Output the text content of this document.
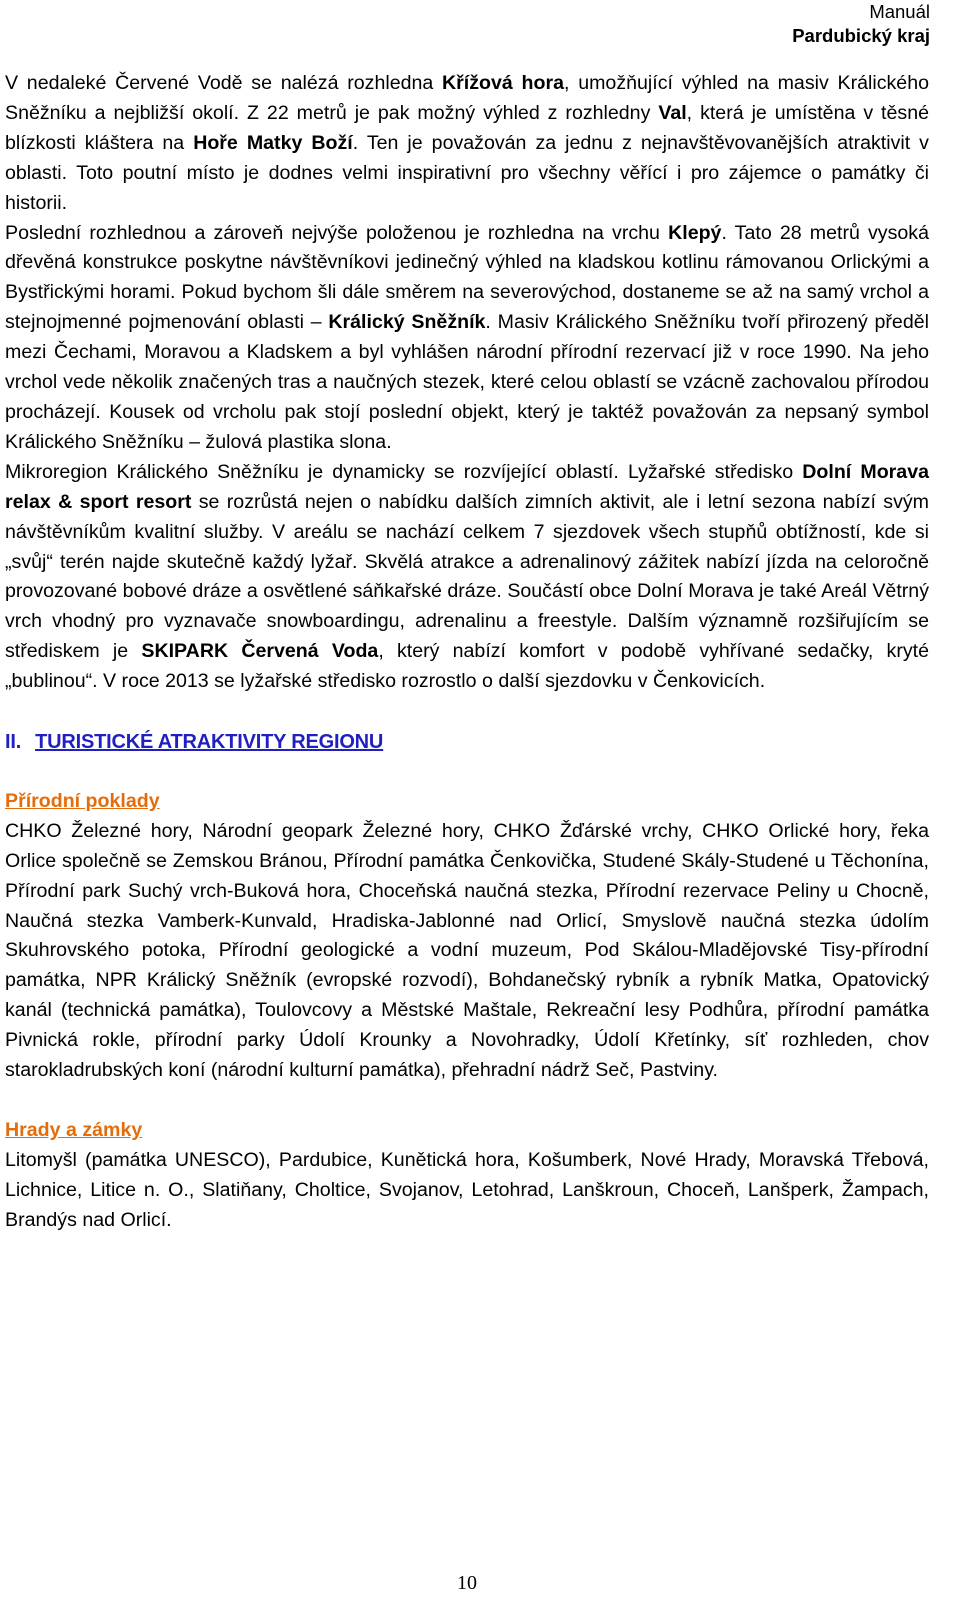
Manuál
Pardubický kraj

V nedaleké Červené Vodě se nalézá rozhledna Křížová hora, umožňující výhled na masiv Králického Sněžníku a nejbližší okolí. Z 22 metrů je pak možný výhled z rozhledny Val, která je umístěna v těsné blízkosti kláštera na Hoře Matky Boží. Ten je považován za jednu z nejnavštěvovanějších atraktivit v oblasti. Toto poutní místo je dodnes velmi inspirativní pro všechny věřící i pro zájemce o památky či historii.

Poslední rozhlednou a zároveň nejvýše položenou je rozhledna na vrchu Klepý. Tato 28 metrů vysoká dřevěná konstrukce poskytne návštěvníkovi jedinečný výhled na kladskou kotlinu rámovanou Orlickými a Bystřickými horami. Pokud bychom šli dále směrem na severovýchod, dostaneme se až na samý vrchol a stejnojmenné pojmenování oblasti – Králický Sněžník. Masiv Králického Sněžníku tvoří přirozený předěl mezi Čechami, Moravou a Kladskem a byl vyhlášen národní přírodní rezervací již v roce 1990. Na jeho vrchol vede několik značených tras a naučných stezek, které celou oblastí se vzácně zachovalou přírodou procházejí. Kousek od vrcholu pak stojí poslední objekt, který je taktéž považován za nepsaný symbol Králického Sněžníku – žulová plastika slona.

Mikroregion Králického Sněžníku je dynamicky se rozvíjející oblastí. Lyžařské středisko Dolní Morava relax & sport resort se rozrůstá nejen o nabídku dalších zimních aktivit, ale i letní sezona nabízí svým návštěvníkům kvalitní služby. V areálu se nachází celkem 7 sjezdovek všech stupňů obtížností, kde si „svůj“ terén najde skutečně každý lyžař. Skvělá atrakce a adrenalinový zážitek nabízí jízda na celoročně provozované bobové dráze a osvětlené sáňkařské dráze. Součástí obce Dolní Morava je také Areál Větrný vrch vhodný pro vyznavače snowboardingu, adrenalinu a freestyle. Dalším významně rozšiřujícím se střediskem je SKIPARK Červená Voda, který nabízí komfort v podobě vyhřívané sedačky, kryté „bublinou“. V roce 2013 se lyžařské středisko rozrostlo o další sjezdovku v Čenkovicích.

II. TURISTICKÉ ATRAKTIVITY REGIONU
Přírodní poklady

CHKO Železné hory, Národní geopark Železné hory, CHKO Žďárské vrchy, CHKO Orlické hory, řeka Orlice společně se Zemskou Bránou, Přírodní památka Čenkovička, Studené Skály-Studené u Těchonína, Přírodní park Suchý vrch-Buková hora, Choceňská naučná stezka, Přírodní rezervace Peliny u Chocně, Naučná stezka Vamberk-Kunvald, Hradiska-Jablonné nad Orlicí, Smyslově naučná stezka údolím Skuhrovského potoka, Přírodní geologické a vodní muzeum, Pod Skálou-Mladějovské Tisy-přírodní památka, NPR Králický Sněžník (evropské rozvodí), Bohdanečský rybník a rybník Matka, Opatovický kanál (technická památka), Toulovcovy a Městské Maštale, Rekreační lesy Podhůra, přírodní památka Pivnická rokle, přírodní parky Údolí Krounky a Novohradky, Údolí Křetínky, síť rozhleden, chov starokladrubských koní (národní kulturní památka), přehradní nádrž Seč, Pastviny.

Hrady a zámky

Litomyšl (památka UNESCO), Pardubice, Kunětická hora, Košumberk, Nové Hrady, Moravská Třebová, Lichnice, Litice n. O., Slatiňany, Choltice, Svojanov, Letohrad, Lanškroun, Choceň, Lanšperk, Žampach, Brandýs nad Orlicí.

10
